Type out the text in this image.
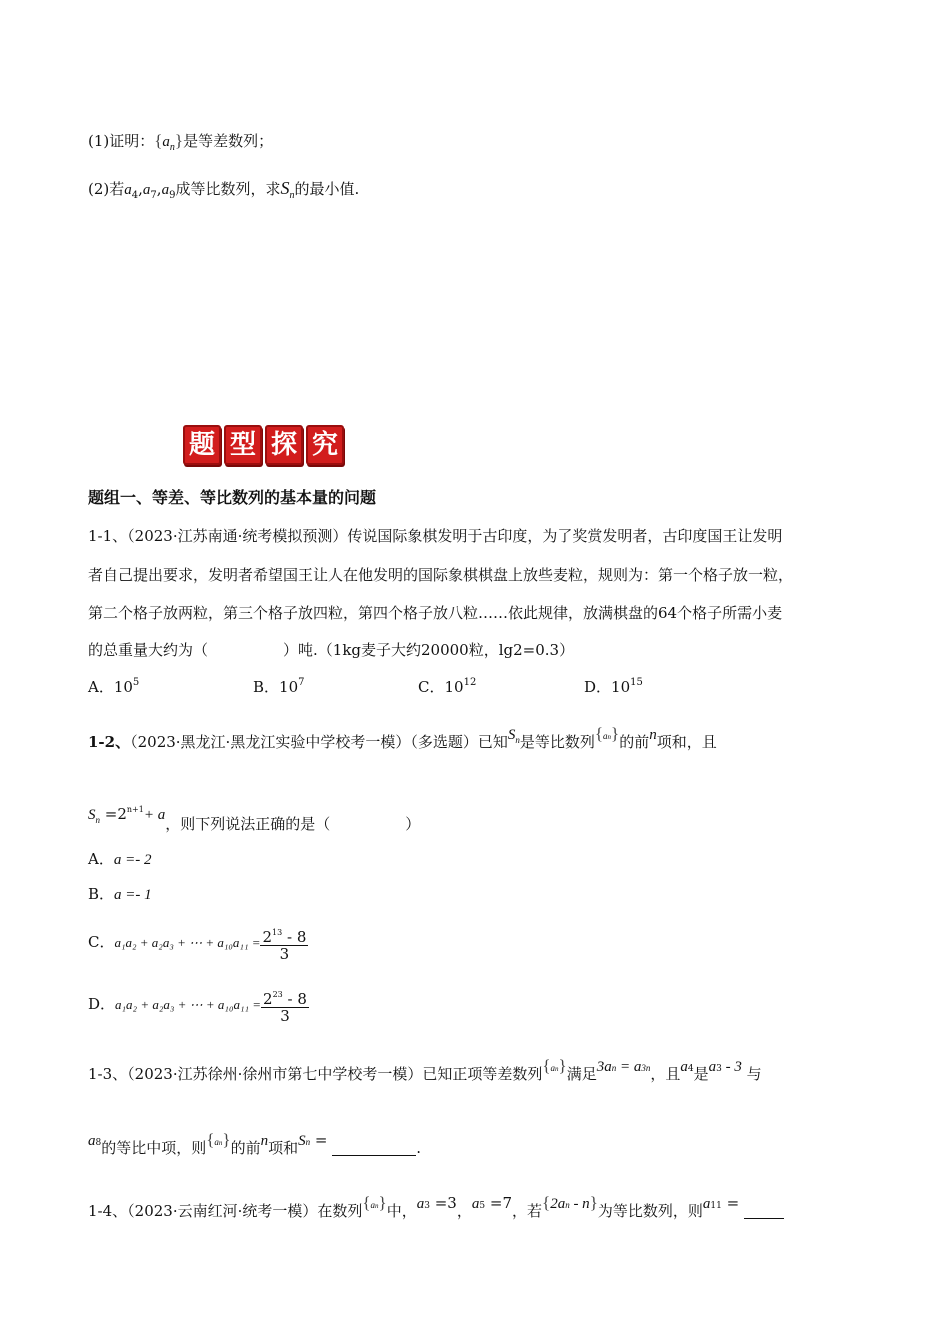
(1)证明：$\{a_n\}$是等差数列；
(2)若$a_4,a_7,a_9$成等比数列，求$S_n$的最小值.
题 型 探 究
题组一、等差、等比数列的基本量的问题
1-1、（2023·江苏南通·统考模拟预测）传说国际象棋发明于古印度，为了奖赏发明者，古印度国王让发明
者自己提出要求，发明者希望国王让人在他发明的国际象棋棋盘上放些麦粒，规则为：第一个格子放一粒，
第二个格子放两粒，第三个格子放四粒，第四个格子放八粒……依此规律，放满棋盘的64个格子所需小麦
的总重量大约为（　　　　　）吨.（1kg麦子大约20000粒，lg2=0.3）
A．$10^5$	B．$10^7$	C．$10^{12}$	D．$10^{15}$
1-2、（2023·黑龙江·黑龙江实验中学校考一模）（多选题）已知$S^n$是等比数列{an}的前n项和，且
$S_n =2^{n+1}+ a$，则下列说法正确的是（　　　　　）
A．a =- 2
B．a =- 1
C．a₁a₂ + a₂a₃ + ⋯ + $a_{10}a_{11} = \frac{2^{13} - 8}{3}$
D．a₁a₂ + a₂a₃ + ⋯ + $a_{10}a_{11} = \frac{2^{23} - 8}{3}$
1-3、（2023·江苏徐州·徐州市第七中学校考一模）已知正项等差数列{an}满足3an = a3n，且a4是a3 - 3 与
a8的等比中项，则{an}的前n项和Sn =	.
1-4、（2023·云南红河·统考一模）在数列{an}中，a3 =3，a5 =7，若{2an - n}为等比数列，则a11 =
